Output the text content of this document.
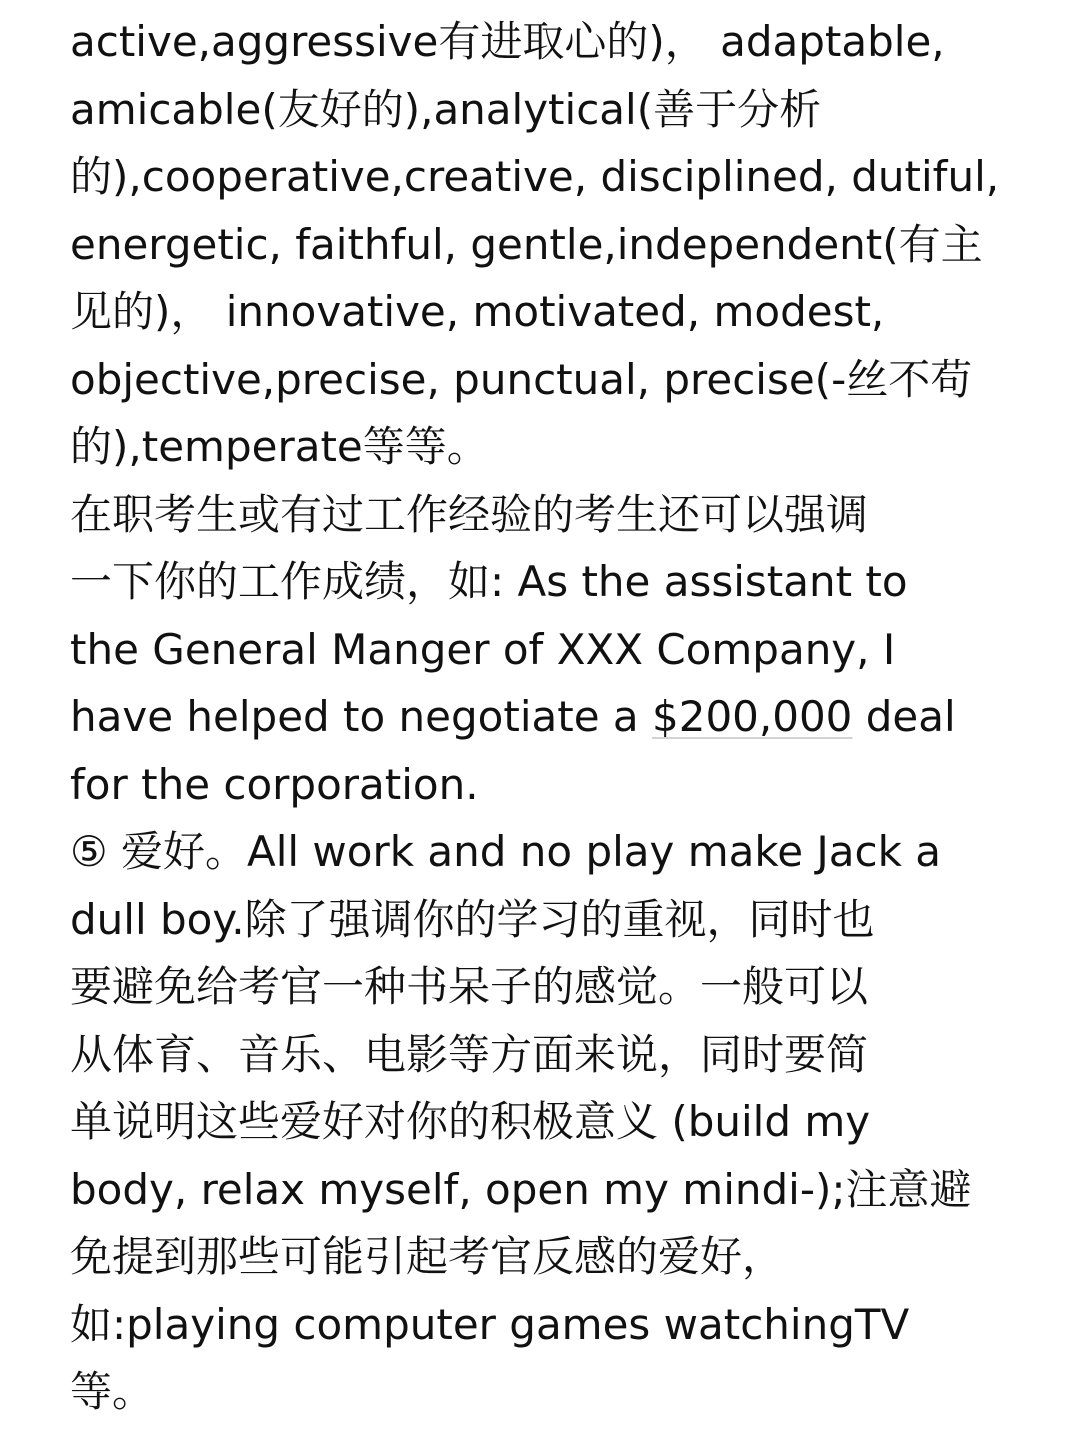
active,aggressive有进取心的)， adaptable,
amicable(友好的),analytical(善于分析
的),cooperative,creative, disciplined, dutiful,
energetic, faithful, gentle,independent(有主
见的)， innovative, motivated, modest,
objective,precise, punctual, precise(-丝不苟
的),temperate等等。
在职考生或有过工作经验的考生还可以强调
一下你的工作成绩，如: As the assistant to
the General Manger of XXX Company, I
have helped to negotiate a $200,000 deal
for the corporation.
⑤ 爱好。All work and no play make Jack a
dull boy.除了强调你的学习的重视，同时也
要避免给考官一种书呆子的感觉。一般可以
从体育、音乐、电影等方面来说，同时要简
单说明这些爱好对你的积极意义 (build my
body, relax myself, open my mindi-);注意避
免提到那些可能引起考官反感的爱好，
如:playing computer games watchingTV
等。
